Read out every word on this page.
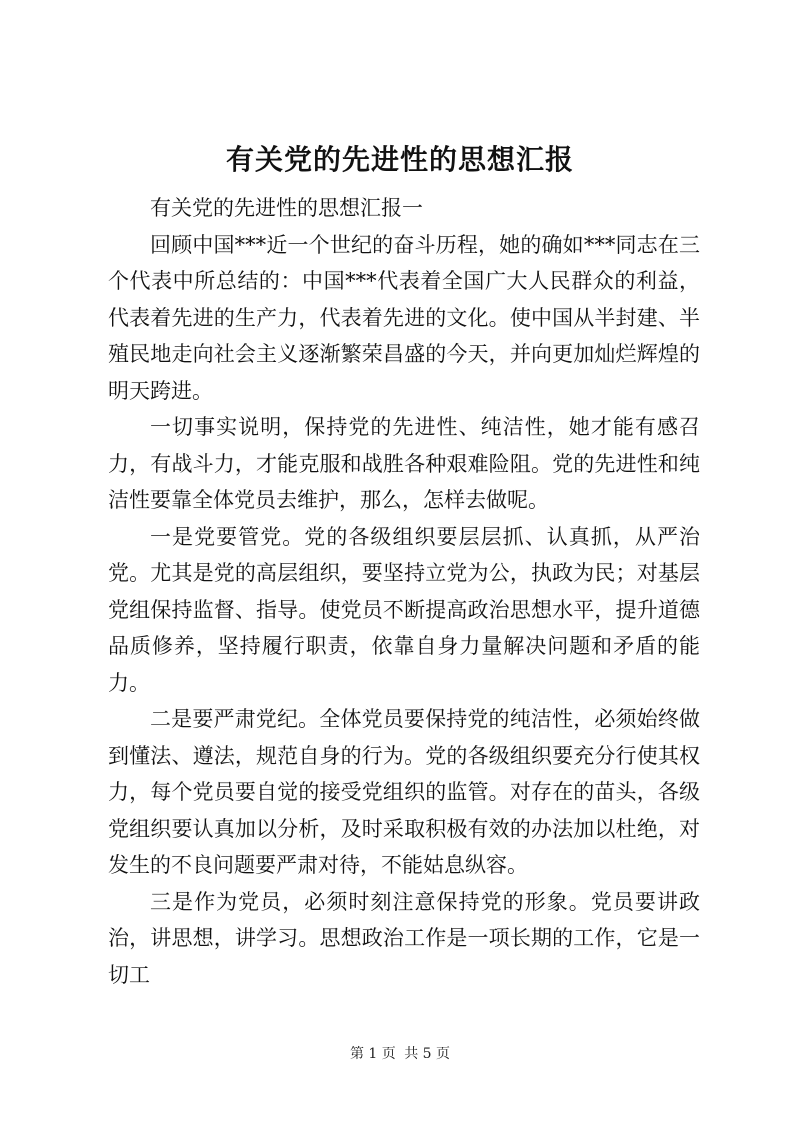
有关党的先进性的思想汇报

有关党的先进性的思想汇报一

回顾中国***近一个世纪的奋斗历程，她的确如***同志在三个代表中所总结的：中国***代表着全国广大人民群众的利益，代表着先进的生产力，代表着先进的文化。使中国从半封建、半殖民地走向社会主义逐渐繁荣昌盛的今天，并向更加灿烂辉煌的明天跨进。

一切事实说明，保持党的先进性、纯洁性，她才能有感召力，有战斗力，才能克服和战胜各种艰难险阻。党的先进性和纯洁性要靠全体党员去维护，那么，怎样去做呢。

一是党要管党。党的各级组织要层层抓、认真抓，从严治党。尤其是党的高层组织，要坚持立党为公，执政为民；对基层党组保持监督、指导。使党员不断提高政治思想水平，提升道德品质修养，坚持履行职责，依靠自身力量解决问题和矛盾的能力。

二是要严肃党纪。全体党员要保持党的纯洁性，必须始终做到懂法、遵法，规范自身的行为。党的各级组织要充分行使其权力，每个党员要自觉的接受党组织的监管。对存在的苗头，各级党组织要认真加以分析，及时采取积极有效的办法加以杜绝，对发生的不良问题要严肃对待，不能姑息纵容。

三是作为党员，必须时刻注意保持党的形象。党员要讲政治，讲思想，讲学习。思想政治工作是一项长期的工作，它是一切工

第 1 页 共 5 页
